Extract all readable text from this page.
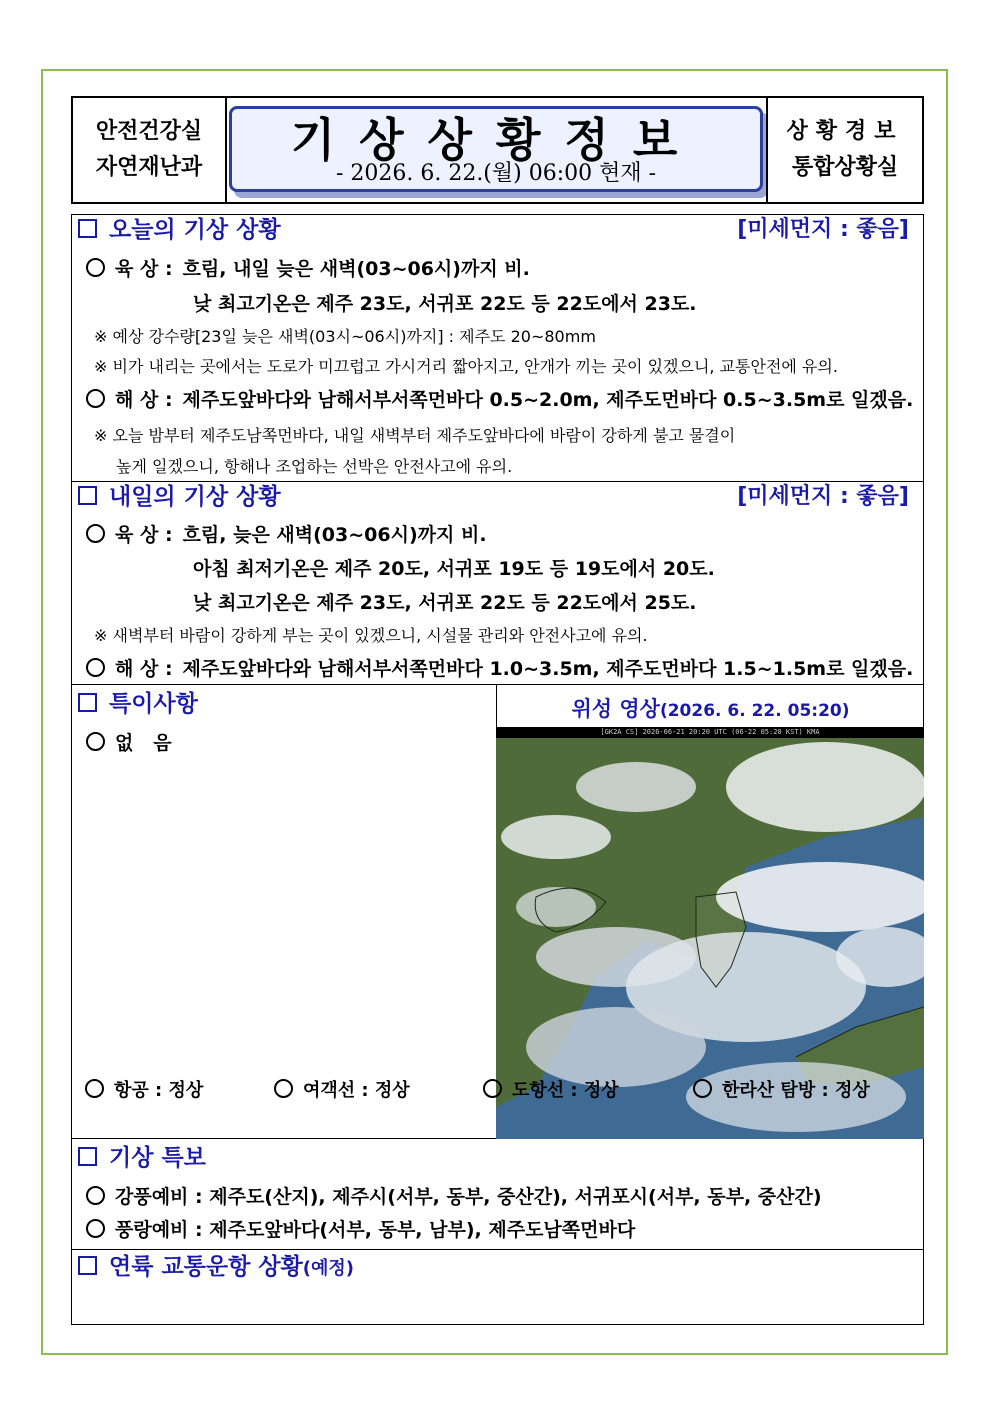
안전건강실
자연재난과
기상상황정보
- 2026. 6. 22.(월) 06:00 현재 -
상황경보
통합상황실
오늘의 기상 상황	[미세먼지 : 좋음]
육 상 : 흐림, 내일 늦은 새벽(03~06시)까지 비.
낮 최고기온은 제주 23도, 서귀포 22도 등 22도에서 23도.
※ 예상 강수량[23일 늦은 새벽(03시~06시)까지] : 제주도 20~80mm
※ 비가 내리는 곳에서는 도로가 미끄럽고 가시거리 짧아지고, 안개가 끼는 곳이 있겠으니, 교통안전에 유의.
해 상 : 제주도앞바다와 남해서부서쪽먼바다 0.5~2.0m, 제주도먼바다 0.5~3.5m로 일겠음.
※ 오늘 밤부터 제주도남쪽먼바다, 내일 새벽부터 제주도앞바다에 바람이 강하게 불고 물결이
높게 일겠으니, 항해나 조업하는 선박은 안전사고에 유의.
내일의 기상 상황	[미세먼지 : 좋음]
육 상 : 흐림, 늦은 새벽(03~06시)까지 비.
아침 최저기온은 제주 20도, 서귀포 19도 등 19도에서 20도.
낮 최고기온은 제주 23도, 서귀포 22도 등 22도에서 25도.
※ 새벽부터 바람이 강하게 부는 곳이 있겠으니, 시설물 관리와 안전사고에 유의.
해 상 : 제주도앞바다와 남해서부서쪽먼바다 1.0~3.5m, 제주도먼바다 1.5~1.5m로 일겠음.
특이사항
없   음
위성 영상(2026. 6. 22. 05:20)
[GK2A CS] 2026-06-21 20:20 UTC (06-22 05:20 KST) KMA
기상 특보
강풍예비 : 제주도(산지), 제주시(서부, 동부, 중산간), 서귀포시(서부, 동부, 중산간)
풍랑예비 : 제주도앞바다(서부, 동부, 남부), 제주도남쪽먼바다
연륙 교통운항 상황(예정)
항공 : 정상	여객선 : 정상	도항선 : 정상	한라산 탐방 : 정상
